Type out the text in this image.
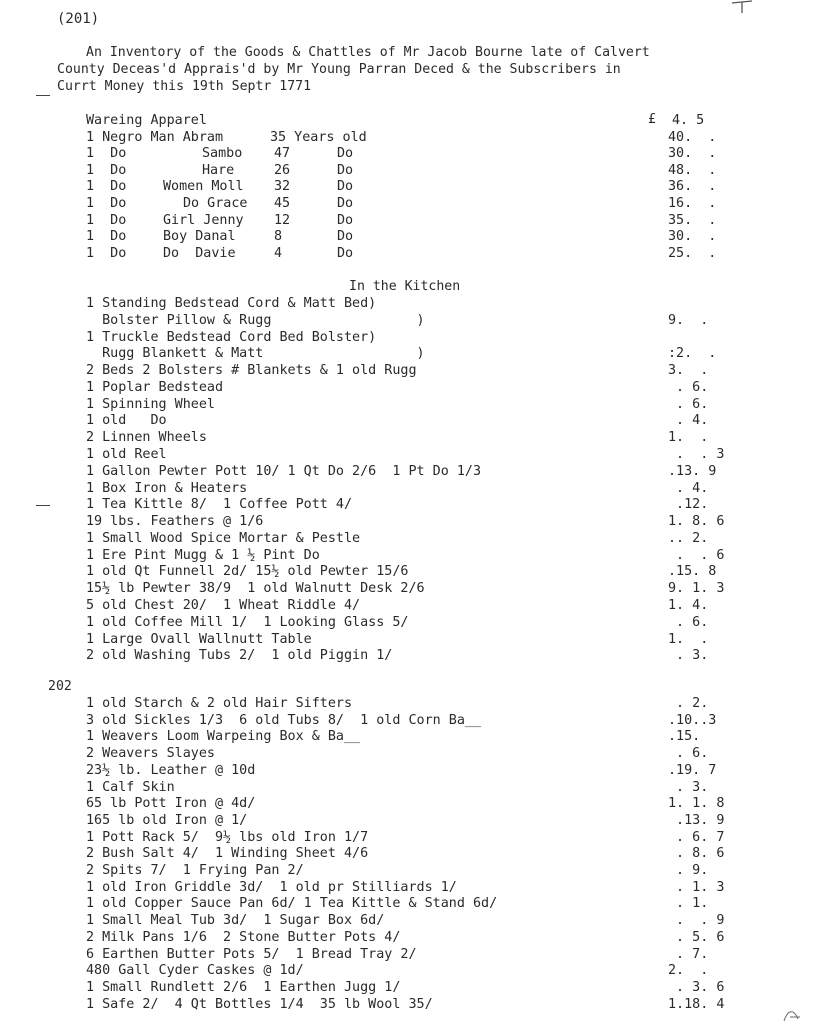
(201)
An Inventory of the Goods & Chattles of Mr Jacob Bourne late of Calvert
County Deceas'd Apprais'd by Mr Young Parran Deced & the Subscribers in
Currt Money this 19th Septr 1771
£
Wareing Apparel	4. 5
1 Negro Man Abram	35 Years old	40.  .
1  Do	Sambo 47	Do	30.  .
1  Do	Hare	26	Do	48.  .
1  Do	Women Moll 32	Do	36.  .
1  Do	Do Grace 45	Do	16.  .
1  Do	Girl Jenny 12	Do	35.  .
1  Do	Boy Danal	8	Do	30.  .
1  Do	Do  Davie	4	Do	25.  .
In the Kitchen
1 Standing Bedstead Cord & Matt Bed)
Bolster Pillow & Rugg                  )	9.  .
1 Truckle Bedstead Cord Bed Bolster)
Rugg Blankett & Matt                   )	:2.  .
2 Beds 2 Bolsters # Blankets & 1 old Rugg	3.  .
1 Poplar Bedstead	. 6.
1 Spinning Wheel	. 6.
1 old   Do	. 4.
2 Linnen Wheels	1.  .
1 old Reel	.  . 3
1 Gallon Pewter Pott 10/ 1 Qt Do 2/6  1 Pt Do 1/3	.13. 9
1 Box Iron & Heaters	. 4.
1 Tea Kittle 8/  1 Coffee Pott 4/	.12.
19 lbs. Feathers @ 1/6	1. 8. 6
1 Small Wood Spice Mortar & Pestle	.. 2.
1 Ere Pint Mugg & 1 ½ Pint Do	.  . 6
1 old Qt Funnell 2d/ 15½ old Pewter 15/6	.15. 8
15½ lb Pewter 38/9  1 old Walnutt Desk 2/6	9. 1. 3
5 old Chest 20/  1 Wheat Riddle 4/	1. 4.
1 old Coffee Mill 1/  1 Looking Glass 5/	. 6.
1 Large Ovall Wallnutt Table	1.  .
2 old Washing Tubs 2/  1 old Piggin 1/	. 3.
202
1 old Starch & 2 old Hair Sifters	. 2.
3 old Sickles 1/3  6 old Tubs 8/  1 old Corn Ba__	.10..3
1 Weavers Loom Warpeing Box & Ba__	.15.
2 Weavers Slayes	. 6.
23½ lb. Leather @ 10d	.19. 7
1 Calf Skin	. 3.
65 lb Pott Iron @ 4d/	1. 1. 8
165 lb old Iron @ 1/	.13. 9
1 Pott Rack 5/  9½ lbs old Iron 1/7	. 6. 7
2 Bush Salt 4/  1 Winding Sheet 4/6	. 8. 6
2 Spits 7/  1 Frying Pan 2/	. 9.
1 old Iron Griddle 3d/  1 old pr Stilliards 1/	. 1. 3
1 old Copper Sauce Pan 6d/ 1 Tea Kittle & Stand 6d/	. 1.
1 Small Meal Tub 3d/  1 Sugar Box 6d/	.  . 9
2 Milk Pans 1/6  2 Stone Butter Pots 4/	. 5. 6
6 Earthen Butter Pots 5/  1 Bread Tray 2/	. 7.
480 Gall Cyder Caskes @ 1d/	2.  .
1 Small Rundlett 2/6  1 Earthen Jugg 1/	. 3. 6
1 Safe 2/  4 Qt Bottles 1/4  35 lb Wool 35/	1.18. 4
